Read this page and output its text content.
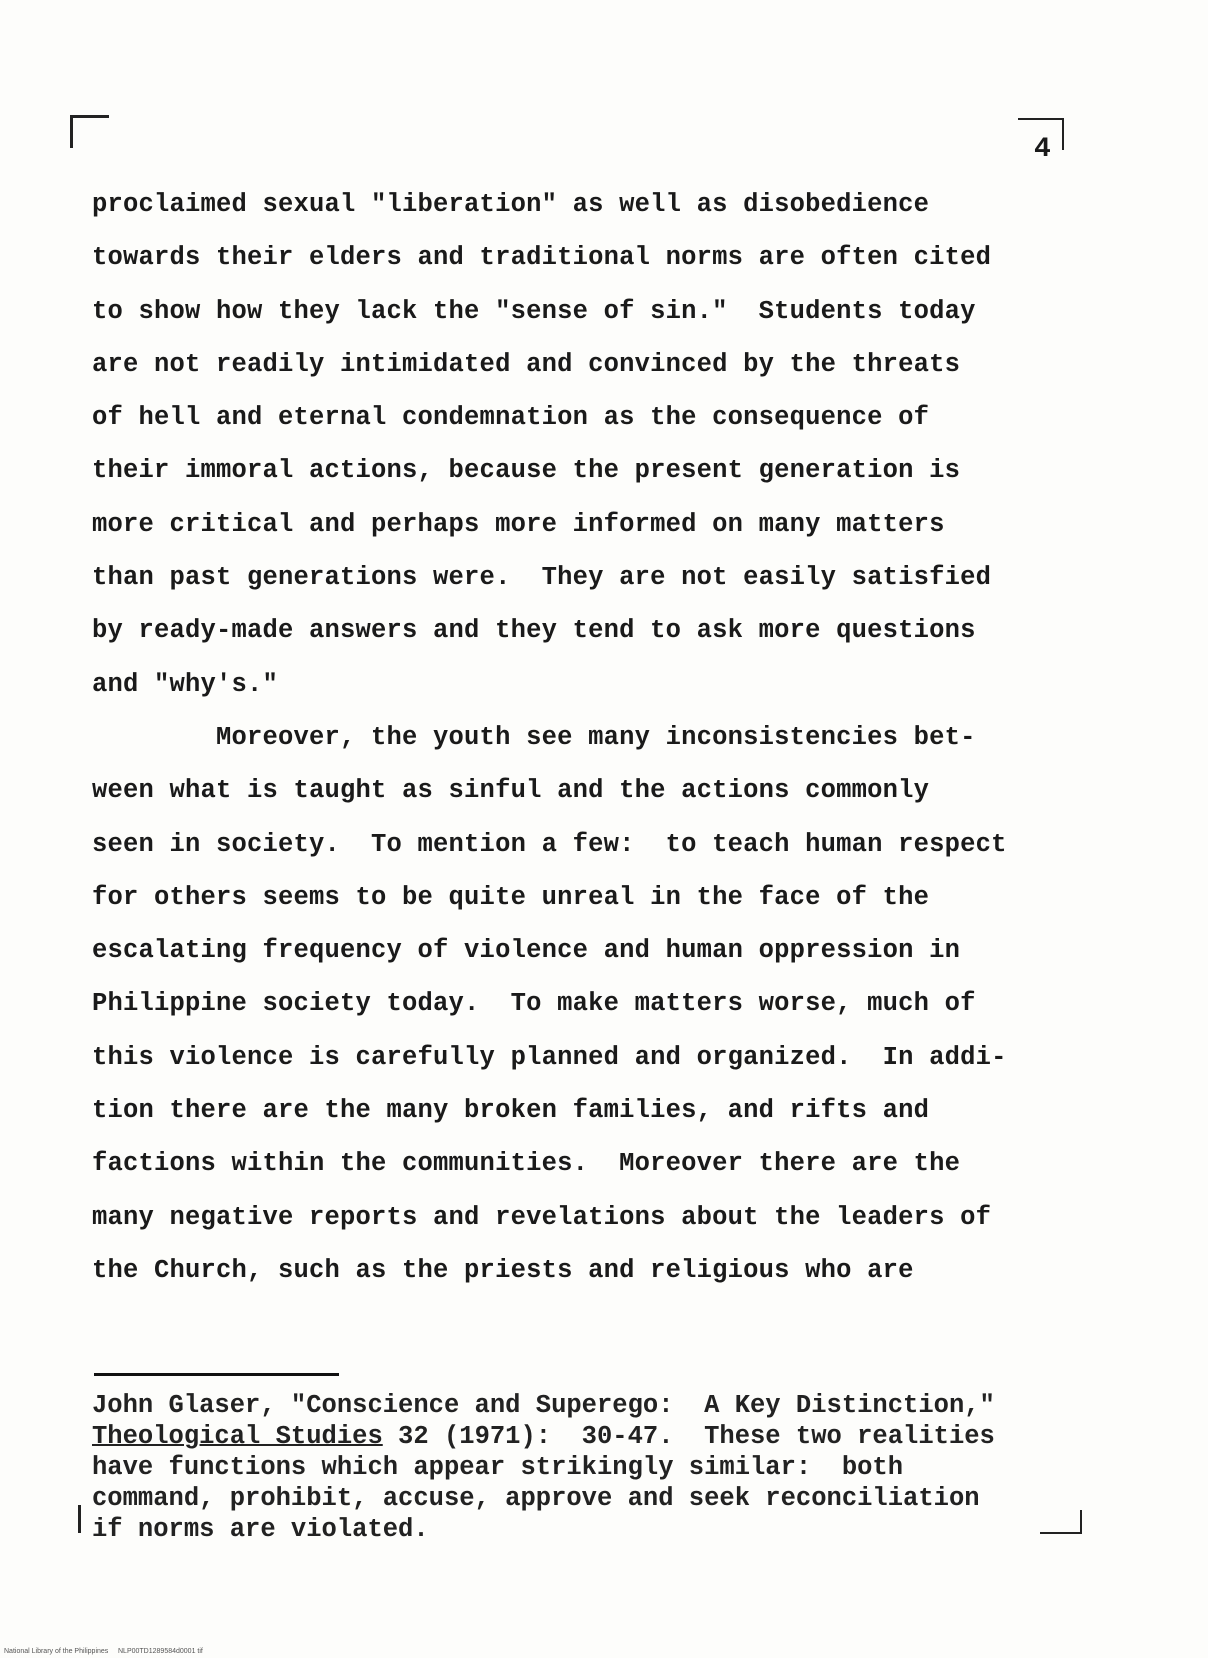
4
proclaimed sexual "liberation" as well as disobedience
towards their elders and traditional norms are often cited
to show how they lack the "sense of sin."  Students today
are not readily intimidated and convinced by the threats
of hell and eternal condemnation as the consequence of
their immoral actions, because the present generation is
more critical and perhaps more informed on many matters
than past generations were.  They are not easily satisfied
by ready-made answers and they tend to ask more questions
and "why's."
Moreover, the youth see many inconsistencies bet-
ween what is taught as sinful and the actions commonly
seen in society.  To mention a few:  to teach human respect
for others seems to be quite unreal in the face of the
escalating frequency of violence and human oppression in
Philippine society today.  To make matters worse, much of
this violence is carefully planned and organized.  In addi-
tion there are the many broken families, and rifts and
factions within the communities.  Moreover there are the
many negative reports and revelations about the leaders of
the Church, such as the priests and religious who are
John Glaser, "Conscience and Superego:  A Key Distinction,"
Theological Studies 32 (1971):  30-47.  These two realities
have functions which appear strikingly similar:  both
command, prohibit, accuse, approve and seek reconciliation
if norms are violated.
National Library of the Philippines     NLP00TD1289584d0001 tif
